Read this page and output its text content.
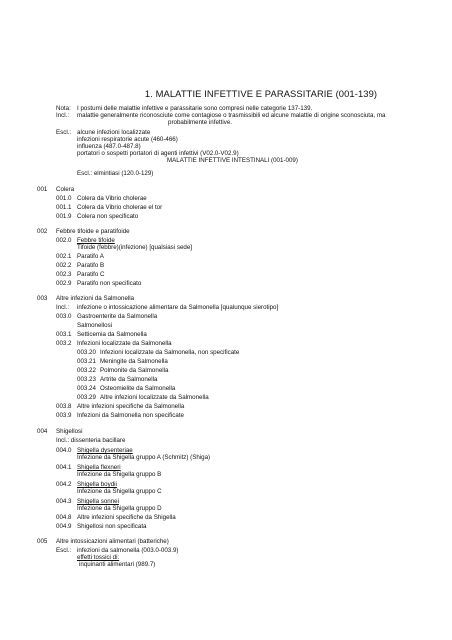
1. MALATTIE INFETTIVE E PARASSITARIE (001-139)
Nota: I postumi delle malattie infettive e parassitarie sono compresi nelle categorie 137-139.
Incl.: malattie generalmente riconosciute come contagiose o trasmissibili ed alcune malattie di origine sconosciuta, ma
probabilmente infettive.
Escl.: alcune infezioni localizzate
infezioni respiratorie acute (460-466)
influenza (487.0-487.8)
portatori o sospetti portatori di agenti infettivi (V02.0-V02.9)
MALATTIE INFETTIVE INTESTINALI (001-009)
Escl.: elmintiasi (120.0-129)
001 Colera
001.0 Colera da Vibrio cholerae
001.1 Colera da Vibrio cholerae el tor
001.9 Colera non specificato
002 Febbre tifoide e paratifoide
002.0 Febbre tifoide
Tifoide (febbre)(infezione) [qualsiasi sede]
002.1 Paratifo A
002.2 Paratifo B
002.3 Paratifo C
002.9 Paratifo non specificato
003 Altre infezioni da Salmonella
Incl.: infezione o intossicazione alimentare da Salmonella [qualunque sierotipo]
003.0 Gastroenterite da Salmonella
Salmonellosi
003.1 Setticemia da Salmonella
003.2 Infezioni localizzate da Salmonella
003.20 Infezioni localizzate da Salmonella, non specificate
003.21 Meningite da Salmonella
003.22 Polmonite da Salmonella
003.23 Artrite da Salmonella
003.24 Osteomielite da Salmonella
003.29 Altre infezioni localizzate da Salmonella
003.8 Altre infezioni specifiche da Salmonella
003.9 Infezioni da Salmonella non specificate
004 Shigellosi
Incl.: dissenteria bacillare
004.0 Shigella dysenteriae
Infezione da Shigella gruppo A (Schmitz) (Shiga)
004.1 Shigella flexneri
Infezione da Shigella gruppo B
004.2 Shigella boydii
Infezione da Shigella gruppo C
004.3 Shigella sonnei
Infezione da Shigella gruppo D
004.8 Altre infezioni specifiche da Shigella
004.9 Shigellosi non specificata
005 Altre intossicazioni alimentari (batteriche)
Escl.: infezioni da salmonella (003.0-003.9)
effetti tossici di:
inquinanti alimentari (989.7)
